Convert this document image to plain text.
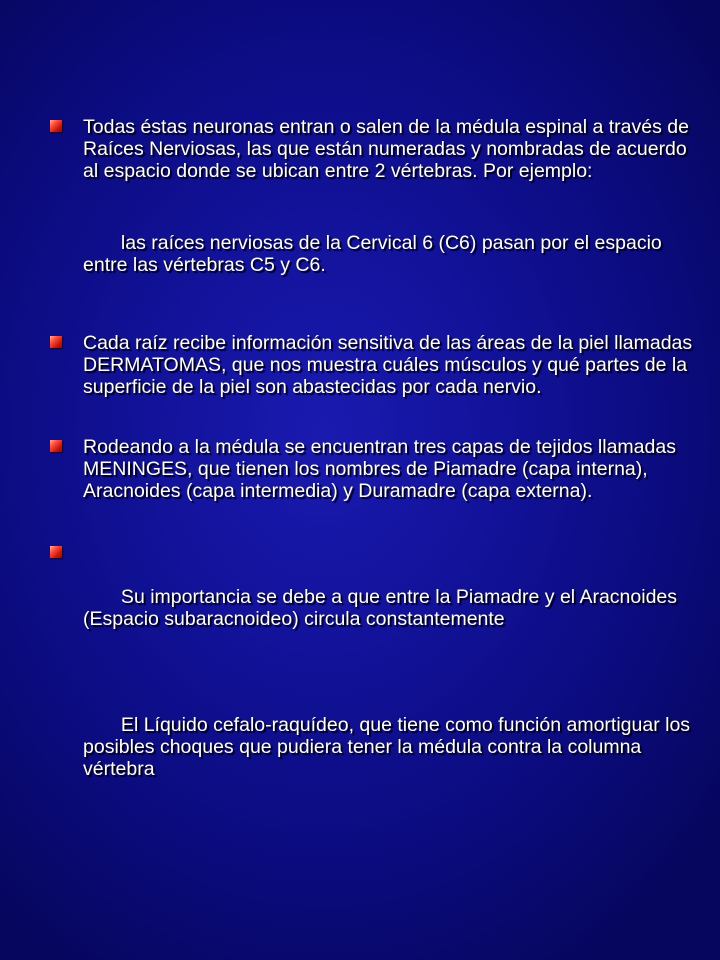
Todas éstas neuronas entran o salen de la médula espinal a través de Raíces Nerviosas, las que están numeradas y nombradas de acuerdo al espacio donde se ubican entre 2 vértebras. Por ejemplo:

las raíces nerviosas de la Cervical 6 (C6) pasan por el espacio entre las vértebras C5 y C6.

Cada raíz recibe información sensitiva de las áreas de la piel llamadas DERMATOMAS, que nos muestra cuáles músculos y qué partes de la superficie de la piel son abastecidas por cada nervio.
Rodeando a la médula se encuentran tres capas de tejidos llamadas MENINGES, que tienen los nombres de Piamadre (capa interna), Aracnoides (capa intermedia) y Duramadre (capa externa).

Su importancia se debe a que entre la Piamadre y el Aracnoides (Espacio subaracnoideo) circula constantemente

El Líquido cefalo-raquídeo, que tiene como función amortiguar los posibles choques que pudiera tener la médula contra la columna vértebra
